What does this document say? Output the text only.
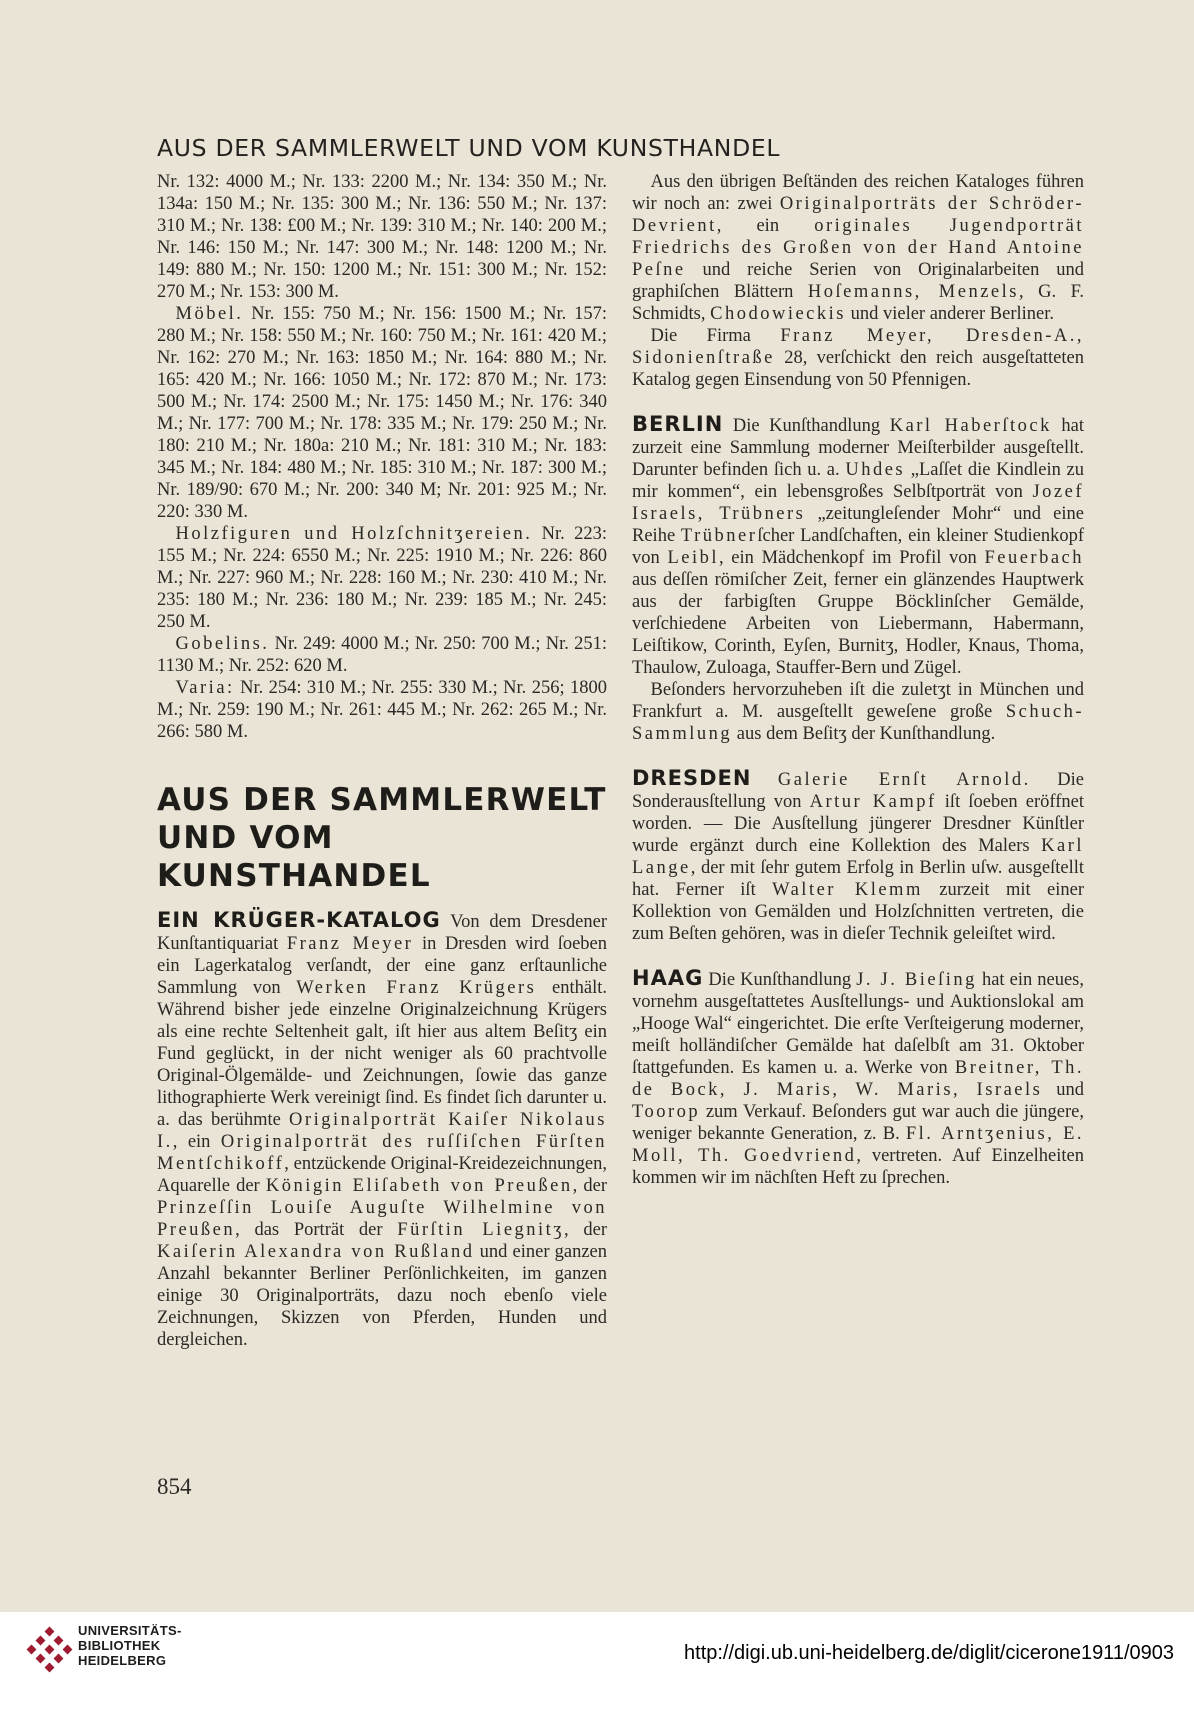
AUS DER SAMMLERWELT UND VOM KUNSTHANDEL

Nr. 132: 4000 M.; Nr. 133: 2200 M.; Nr. 134: 350 M.; Nr. 134a: 150 M.; Nr. 135: 300 M.; Nr. 136: 550 M.; Nr. 137: 310 M.; Nr. 138: £00 M.; Nr. 139: 310 M.; Nr. 140: 200 M.; Nr. 146: 150 M.; Nr. 147: 300 M.; Nr. 148: 1200 M.; Nr. 149: 880 M.; Nr. 150: 1200 M.; Nr. 151: 300 M.; Nr. 152: 270 M.; Nr. 153: 300 M.

 Möbel. Nr. 155: 750 M.; Nr. 156: 1500 M.; Nr. 157: 280 M.; Nr. 158: 550 M.; Nr. 160: 750 M.; Nr. 161: 420 M.; Nr. 162: 270 M.; Nr. 163: 1850 M.; Nr. 164: 880 M.; Nr. 165: 420 M.; Nr. 166: 1050 M.; Nr. 172: 870 M.; Nr. 173: 500 M.; Nr. 174: 2500 M.; Nr. 175: 1450 M.; Nr. 176: 340 M.; Nr. 177: 700 M.; Nr. 178: 335 M.; Nr. 179: 250 M.; Nr. 180: 210 M.; Nr. 180a: 210 M.; Nr. 181: 310 M.; Nr. 183: 345 M.; Nr. 184: 480 M.; Nr. 185: 310 M.; Nr. 187: 300 M.; Nr. 189/90: 670 M.; Nr. 200: 340 M; Nr. 201: 925 M.; Nr. 220: 330 M.

 Holzfiguren und Holzſchnitʒereien. Nr. 223: 155 M.; Nr. 224: 6550 M.; Nr. 225: 1910 M.; Nr. 226: 860 M.; Nr. 227: 960 M.; Nr. 228: 160 M.; Nr. 230: 410 M.; Nr. 235: 180 M.; Nr. 236: 180 M.; Nr. 239: 185 M.; Nr. 245: 250 M.

 Gobelins. Nr. 249: 4000 M.; Nr. 250: 700 M.; Nr. 251: 1130 M.; Nr. 252: 620 M.

 Varia: Nr. 254: 310 M.; Nr. 255: 330 M.; Nr. 256; 1800 M.; Nr. 259: 190 M.; Nr. 261: 445 M.; Nr. 262: 265 M.; Nr. 266: 580 M.

AUS DER SAMMLERWELT
UND VOM KUNSTHANDEL

EIN KRÜGER-KATALOG Von dem Dresdener Kunſtantiquariat Franz Meyer in Dresden wird ſoeben ein Lagerkatalog verſandt, der eine ganz erſtaunliche Sammlung von Werken Franz Krügers enthält. Während bisher jede einzelne Originalzeichnung Krügers als eine rechte Seltenheit galt, iſt hier aus altem Beſitʒ ein Fund geglückt, in der nicht weniger als 60 prachtvolle Original-Ölgemälde- und Zeichnungen, ſowie das ganze lithographierte Werk vereinigt ſind. Es findet ſich darunter u. a. das berühmte Originalporträt Kaiſer Nikolaus I., ein Originalporträt des ruſſiſchen Fürſten Mentſchikoff, entzückende Original-Kreidezeichnungen, Aquarelle der Königin Eliſabeth von Preußen, der Prinzeſſin Louiſe Auguſte Wilhelmine von Preußen, das Porträt der Fürſtin Liegnitʒ, der Kaiſerin Alexandra von Rußland und einer ganzen Anzahl bekannter Berliner Perſönlichkeiten, im ganzen einige 30 Originalporträts, dazu noch ebenſo viele Zeichnungen, Skizzen von Pferden, Hunden und dergleichen.

 Aus den übrigen Beſtänden des reichen Kataloges führen wir noch an: zwei Originalporträts der Schröder-Devrient, ein originales Jugendporträt Friedrichs des Großen von der Hand Antoine Peſne und reiche Serien von Originalarbeiten und graphiſchen Blättern Hoſemanns, Menzels, G. F. Schmidts, Chodowieckis und vieler anderer Berliner.

 Die Firma Franz Meyer, Dresden-A., Sidonienſtraße 28, verſchickt den reich ausgeſtatteten Katalog gegen Einsendung von 50 Pfennigen.

BERLIN Die Kunſthandlung Karl Haberſtock hat zurzeit eine Sammlung moderner Meiſterbilder ausgeſtellt. Darunter befinden ſich u. a. Uhdes „Laſſet die Kindlein zu mir kommen“, ein lebensgroßes Selbſtporträt von Jozef Israels, Trübners „zeitungleſender Mohr“ und eine Reihe Trübnerſcher Landſchaften, ein kleiner Studienkopf von Leibl, ein Mädchenkopf im Profil von Feuerbach aus deſſen römiſcher Zeit, ferner ein glänzendes Hauptwerk aus der farbigſten Gruppe Böcklinſcher Gemälde, verſchiedene Arbeiten von Liebermann, Habermann, Leiſtikow, Corinth, Eyſen, Burnitʒ, Hodler, Knaus, Thoma, Thaulow, Zuloaga, Stauffer-Bern und Zügel.

 Beſonders hervorzuheben iſt die zuletʒt in München und Frankfurt a. M. ausgeſtellt geweſene große Schuch-Sammlung aus dem Beſitʒ der Kunſthandlung.

DRESDEN Galerie Ernſt Arnold. Die Sonderausſtellung von Artur Kampf iſt ſoeben eröffnet worden. — Die Ausſtellung jüngerer Dresdner Künſtler wurde ergänzt durch eine Kollektion des Malers Karl Lange, der mit ſehr gutem Erfolg in Berlin uſw. ausgeſtellt hat. Ferner iſt Walter Klemm zurzeit mit einer Kollektion von Gemälden und Holzſchnitten vertreten, die zum Beſten gehören, was in dieſer Technik geleiſtet wird.

HAAG Die Kunſthandlung J. J. Bieſing hat ein neues, vornehm ausgeſtattetes Ausſtellungs- und Auktionslokal am „Hooge Wal“ eingerichtet. Die erſte Verſteigerung moderner, meiſt holländiſcher Gemälde hat daſelbſt am 31. Oktober ſtattgefunden. Es kamen u. a. Werke von Breitner, Th. de Bock, J. Maris, W. Maris, Israels und Toorop zum Verkauf. Beſonders gut war auch die jüngere, weniger bekannte Generation, z. B. Fl. Arntʒenius, E. Moll, Th. Goedvriend, vertreten. Auf Einzelheiten kommen wir im nächſten Heft zu ſprechen.

854
UNIVERSITÄTS-
BIBLIOTHEK
HEIDELBERG	http://digi.ub.uni-heidelberg.de/diglit/cicerone1911/0903
